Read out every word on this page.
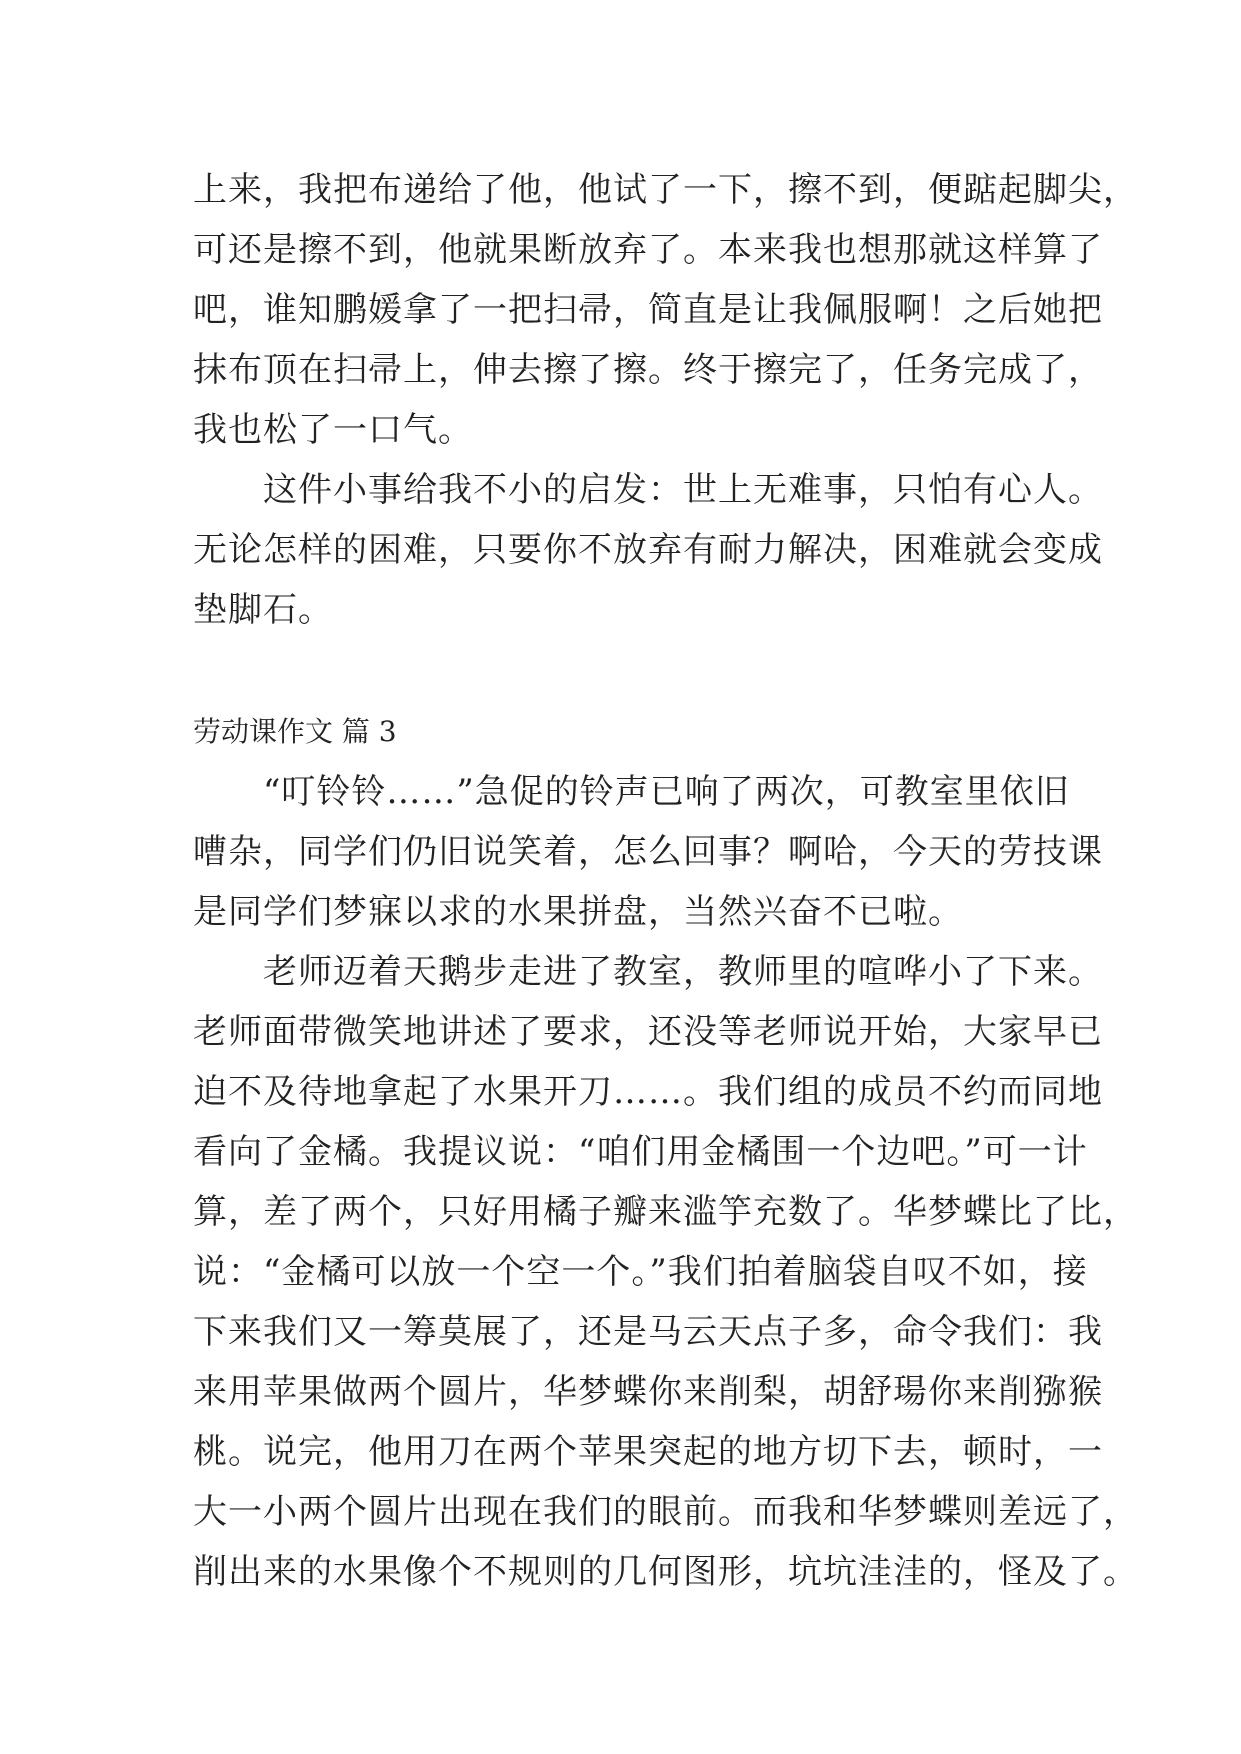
上来，我把布递给了他，他试了一下，擦不到，便踮起脚尖，
可还是擦不到，他就果断放弃了。本来我也想那就这样算了
吧，谁知鹏媛拿了一把扫帚，简直是让我佩服啊！之后她把
抹布顶在扫帚上，伸去擦了擦。终于擦完了，任务完成了，
我也松了一口气。
　　这件小事给我不小的启发：世上无难事，只怕有心人。
无论怎样的困难，只要你不放弃有耐力解决，困难就会变成
垫脚石。
劳动课作文 篇 3
　　“叮铃铃……”急促的铃声已响了两次，可教室里依旧
嘈杂，同学们仍旧说笑着，怎么回事？啊哈，今天的劳技课
是同学们梦寐以求的水果拼盘，当然兴奋不已啦。
　　老师迈着天鹅步走进了教室，教师里的喧哗小了下来。
老师面带微笑地讲述了要求，还没等老师说开始，大家早已
迫不及待地拿起了水果开刀……。我们组的成员不约而同地
看向了金橘。我提议说：“咱们用金橘围一个边吧。”可一计
算，差了两个，只好用橘子瓣来滥竽充数了。华梦蝶比了比，
说：“金橘可以放一个空一个。”我们拍着脑袋自叹不如，接
下来我们又一筹莫展了，还是马云天点子多，命令我们：我
来用苹果做两个圆片，华梦蝶你来削梨，胡舒瑒你来削猕猴
桃。说完，他用刀在两个苹果突起的地方切下去，顿时，一
大一小两个圆片出现在我们的眼前。而我和华梦蝶则差远了，
削出来的水果像个不规则的几何图形，坑坑洼洼的，怪及了。
